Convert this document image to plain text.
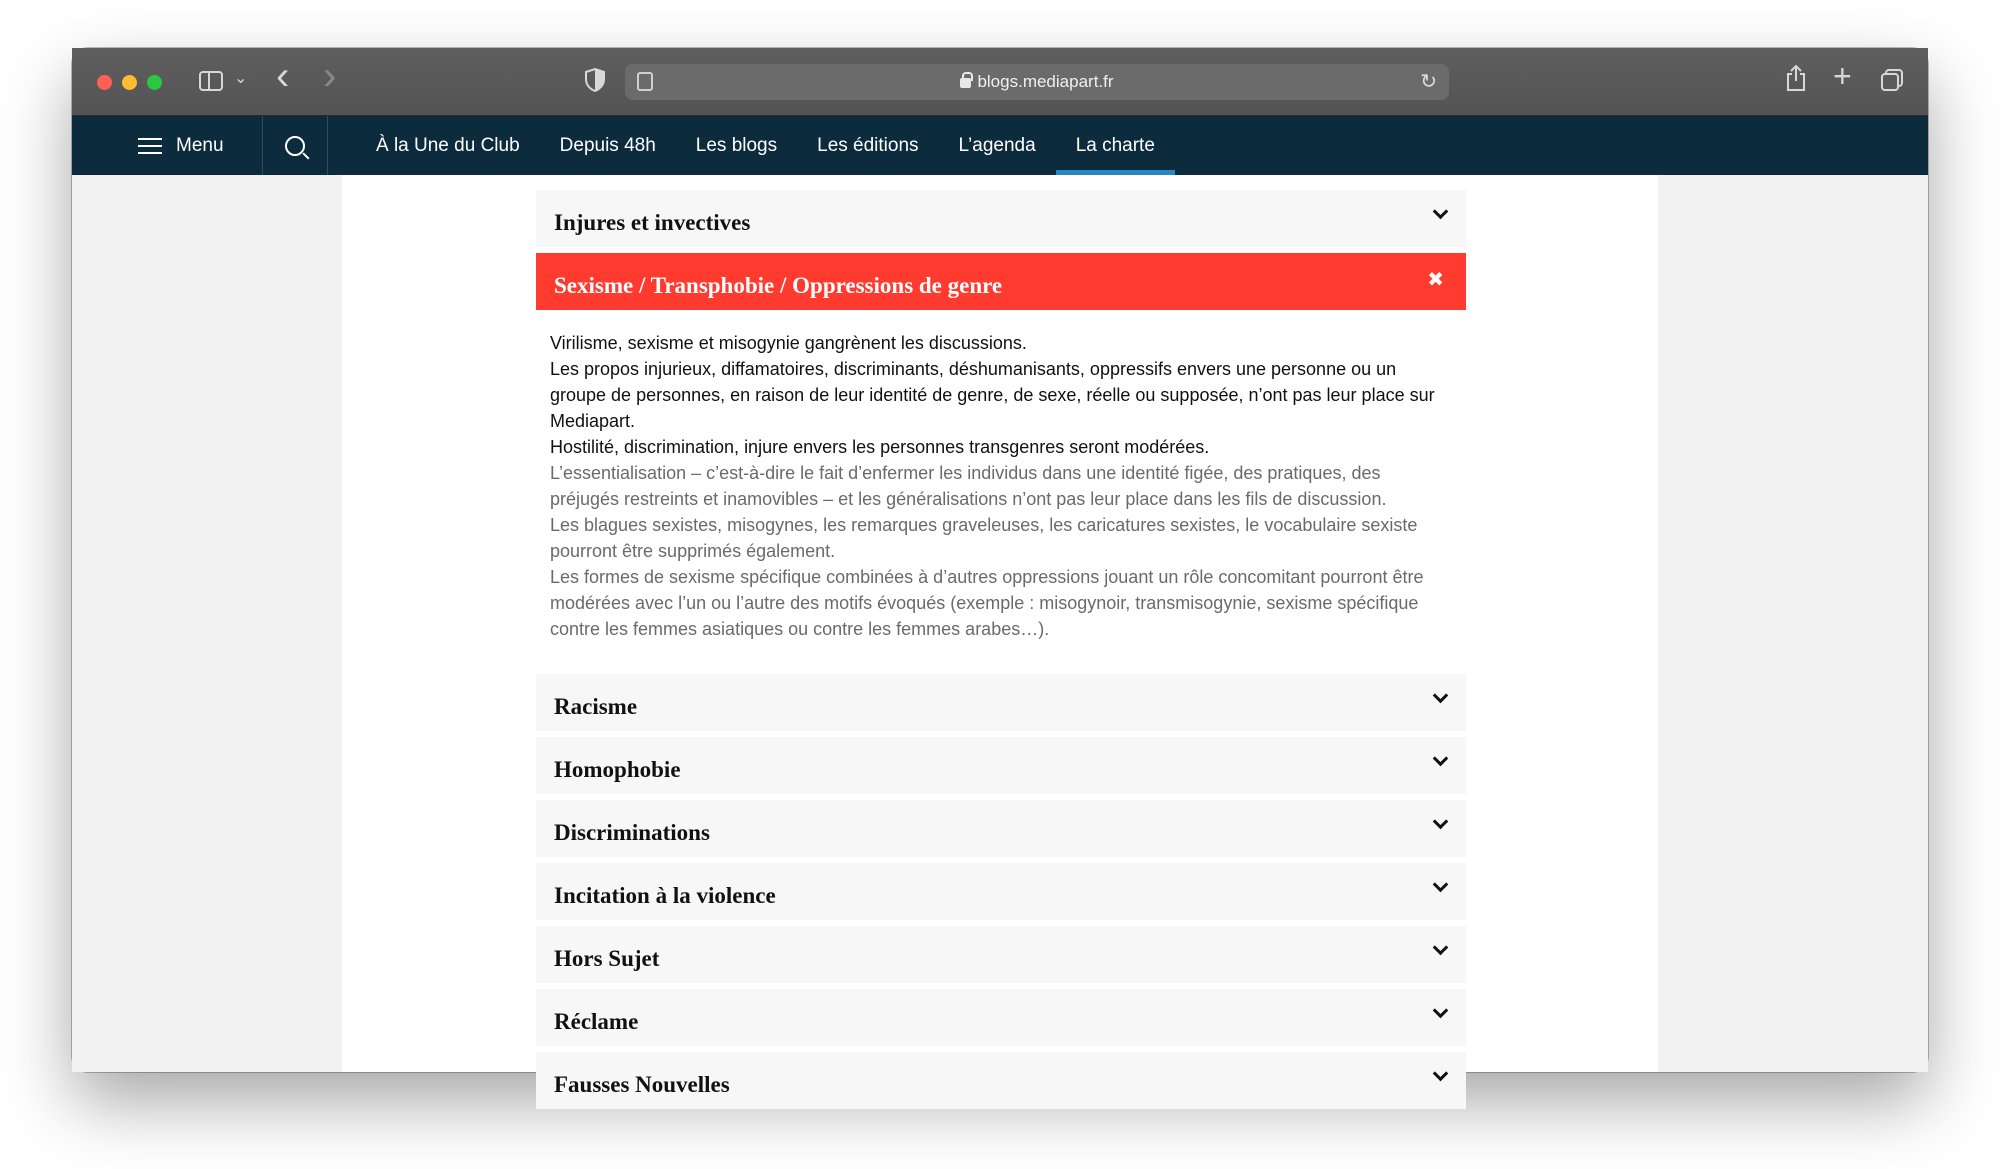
⌄ ‹ ›	blogs.mediapart.fr	↻	+
Menu	À la Une du Club Depuis 48h Les blogs Les éditions L’agenda La charte
Injures et invectives
Sexisme / Transphobie / Oppressions de genre	✖

Virilisme, sexisme et misogynie gangrènent les discussions.

Les propos injurieux, diffamatoires, discriminants, déshumanisants, oppressifs envers une personne ou un groupe de personnes, en raison de leur identité de genre, de sexe, réelle ou supposée, n’ont pas leur place sur Mediapart.

Hostilité, discrimination, injure envers les personnes transgenres seront modérées.

L’essentialisation – c’est-à-dire le fait d’enfermer les individus dans une identité figée, des pratiques, des préjugés restreints et inamovibles – et les généralisations n’ont pas leur place dans les fils de discussion.

Les blagues sexistes, misogynes, les remarques graveleuses, les caricatures sexistes, le vocabulaire sexiste pourront être supprimés également.

Les formes de sexisme spécifique combinées à d’autres oppressions jouant un rôle concomitant pourront être modérées avec l’un ou l’autre des motifs évoqués (exemple : misogynoir, transmisogynie, sexisme spécifique contre les femmes asiatiques ou contre les femmes arabes…).

Racisme
Homophobie
Discriminations
Incitation à la violence
Hors Sujet
Réclame
Fausses Nouvelles
